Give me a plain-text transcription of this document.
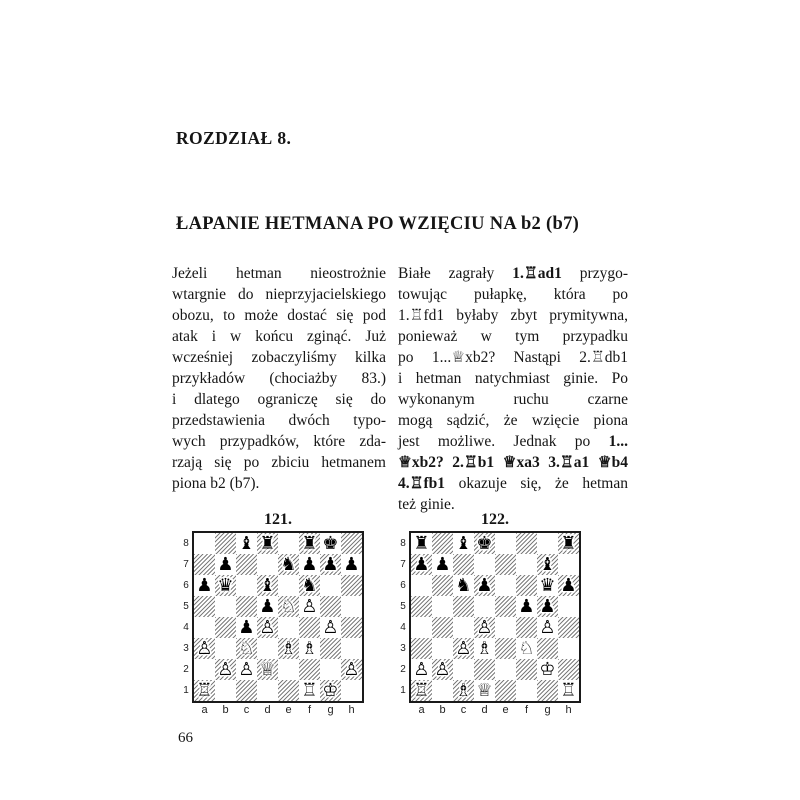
ROZDZIAŁ 8.
ŁAPANIE HETMANA PO WZIĘCIU NA b2 (b7)
Jeżeli hetman nieostrożnie
wtargnie do nieprzyjacielskiego
obozu, to może dostać się pod
atak i w końcu zginąć. Już
wcześniej zobaczyliśmy kilka
przykładów (chociażby 83.)
i dlatego ograniczę się do
przedstawienia dwóch typo-
wych przypadków, które zda-
rzają się po zbiciu hetmanem
piona b2 (b7).
Białe zagrały 1.♖ad1 przygo-
towując pułapkę, która po
1.♖fd1 byłaby zbyt prymitywna,
ponieważ w tym przypadku
po 1...♕xb2? Nastąpi 2.♖db1
i hetman natychmiast ginie. Po
wykonanym ruchu czarne
mogą sądzić, że wzięcie piona
jest możliwe. Jednak po 1...
♕xb2? 2.♖b1 ♕xa3 3.♖a1 ♕b4
4.♖fb1 okazuje się, że hetman
też ginie.
121.
8
7
6
5
4
3
2
1
♝ ♜ ♜ ♚
♟	♞ ♟ ♟ ♟
♟ ♛ ♝ ♞
♟ ♘ ♙
♟ ♙	♙
♙ ♘ ♗ ♗
♙ ♙ ♕	♙
♖	♖ ♔
a	b	c	d	e	f	g	h
122.
8
7
6
5
4
3
2
1
♜ ♝ ♚	♜
♟ ♟	♝
♞ ♟	♛ ♟
♟ ♟
♙	♙
♙ ♗ ♘
♙ ♙	♔
♖ ♗ ♕	♖
a	b	c	d	e	f	g	h
66
